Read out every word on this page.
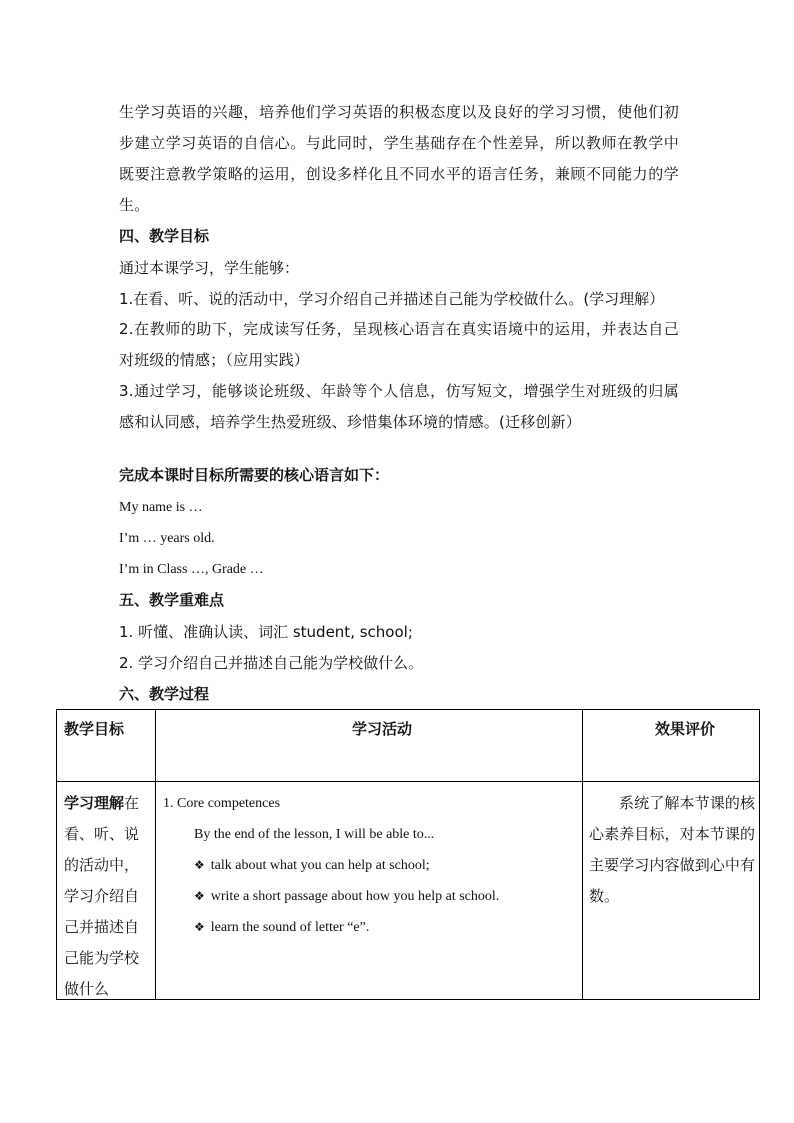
生学习英语的兴趣，培养他们学习英语的积极态度以及良好的学习习惯，使他们初步建立学习英语的自信心。与此同时，学生基础存在个性差异，所以教师在教学中既要注意教学策略的运用，创设多样化且不同水平的语言任务，兼顾不同能力的学生。

四、教学目标
通过本课学习，学生能够：
1.在看、听、说的活动中，学习介绍自己并描述自己能为学校做什么。(学习理解）

2.在教师的助下，完成读写任务，呈现核心语言在真实语境中的运用，并表达自己对班级的情感；（应用实践）

3.通过学习，能够谈论班级、年龄等个人信息，仿写短文，增强学生对班级的归属感和认同感，培养学生热爱班级、珍惜集体环境的情感。(迁移创新）

完成本课时目标所需要的核心语言如下：
My name is …
I’m … years old.
I’m in Class …, Grade …
五、教学重难点
1. 听懂、准确认读、词汇 student, school;
2. 学习介绍自己并描述自己能为学校做什么。
六、教学过程
教学目标	学习活动	效果评价
学习理解在看、听、说的活动中，学习介绍自己并描述自己能为学校做什么
1. Core competences
By the end of the lesson, I will be able to...
❖ talk about what you can help at school;
❖ write a short passage about how you help at school.
❖ learn the sound of letter “e”.
系统了解本节课的核心素养目标，对本节课的主要学习内容做到心中有数。
